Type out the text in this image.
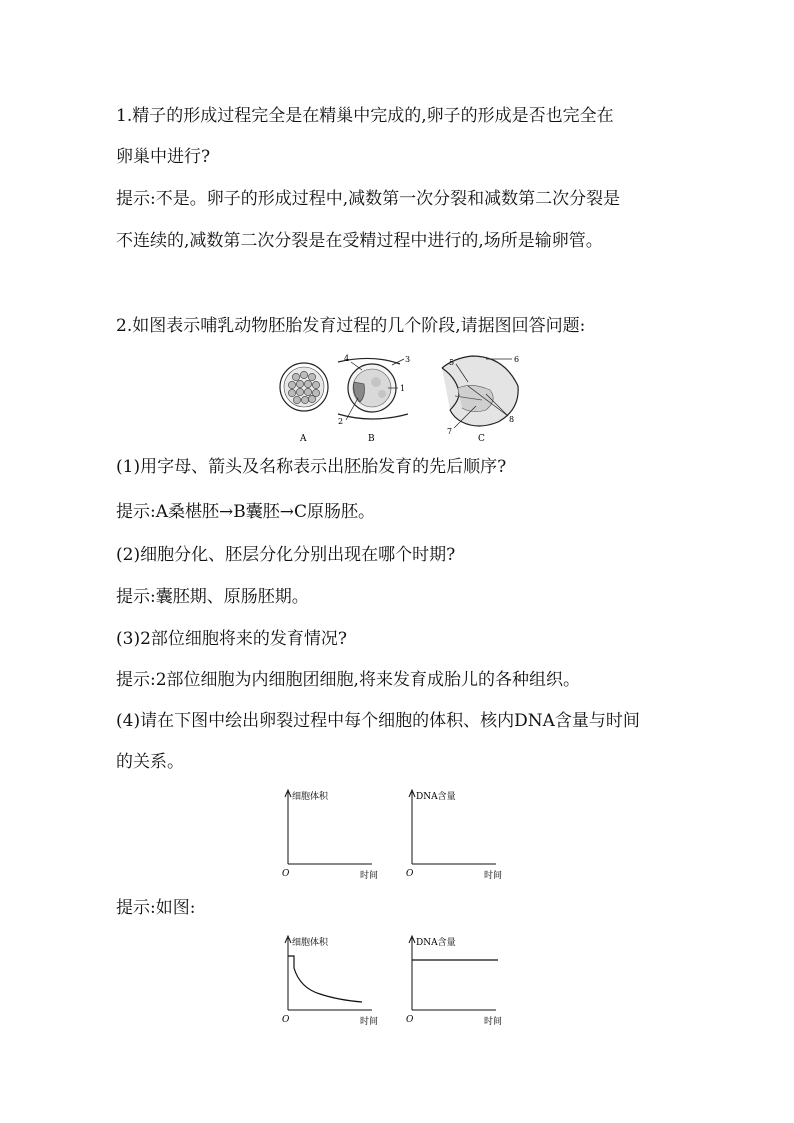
1.精子的形成过程完全是在精巢中完成的,卵子的形成是否也完全在
卵巢中进行?
提示:不是。卵子的形成过程中,减数第一次分裂和减数第二次分裂是
不连续的,减数第二次分裂是在受精过程中进行的,场所是输卵管。
2.如图表示哺乳动物胚胎发育过程的几个阶段,请据图回答问题:
A	B
4	3
1
2
C
5	6
7
8
(1)用字母、箭头及名称表示出胚胎发育的先后顺序?
提示:A桑椹胚→B囊胚→C原肠胚。
(2)细胞分化、胚层分化分别出现在哪个时期?
提示:囊胚期、原肠胚期。
(3)2部位细胞将来的发育情况?
提示:2部位细胞为内细胞团细胞,将来发育成胎儿的各种组织。
(4)请在下图中绘出卵裂过程中每个细胞的体积、核内DNA含量与时间
的关系。
细胞体积
O	时间
DNA含量
O	时间
提示:如图:
细胞体积
O	时间
DNA含量
O	时间
